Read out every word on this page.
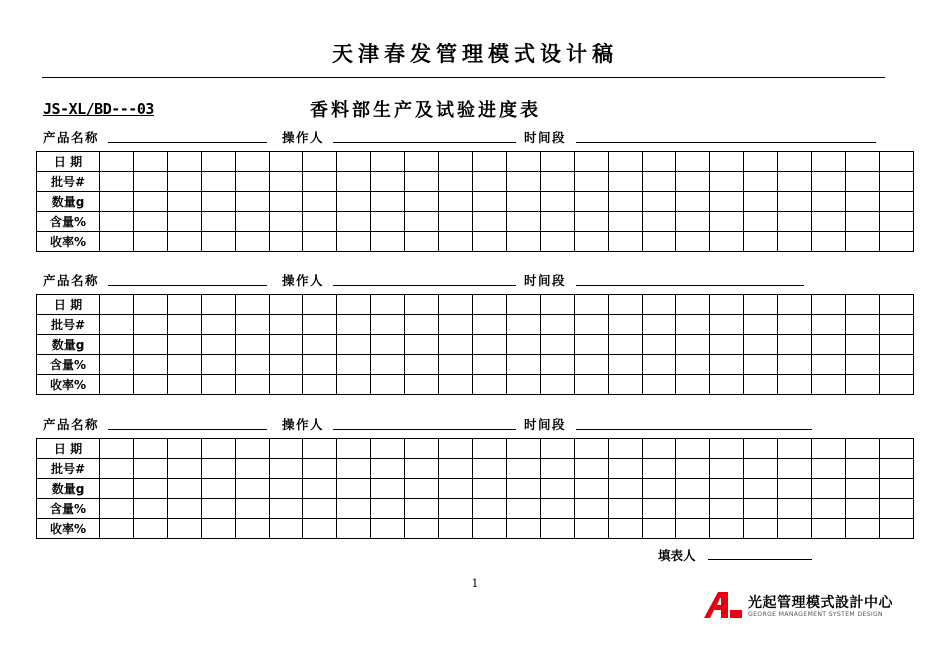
天津春发管理模式设计稿
JS-XL/BD---03	香料部生产及试验进度表
产品名称	操作人	时间段
日 期																								
批号#																								
数量g																								
含量%																								
收率%																								
产品名称	操作人	时间段
日 期																								
批号#																								
数量g																								
含量%																								
收率%																								
产品名称	操作人	时间段
日 期																								
批号#																								
数量g																								
含量%																								
收率%																								
填表人
1
光起管理模式設計中心
GEORGE MANAGEMENT SYSTEM DESIGN
